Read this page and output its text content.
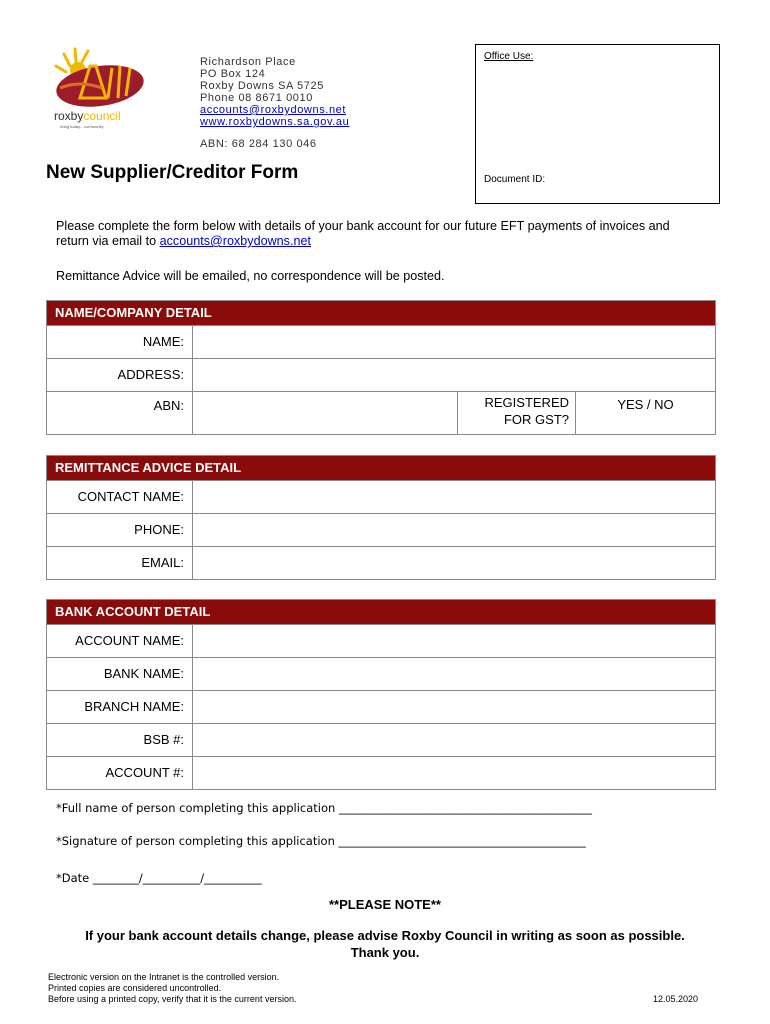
roxbycouncil
living today... community
Richardson Place
PO Box 124
Roxby Downs SA 5725
Phone 08 8671 0010
accounts@roxbydowns.net
www.roxbydowns.sa.gov.au
ABN: 68 284 130 046
Office Use:
Document ID:
New Supplier/Creditor Form
Please complete the form below with details of your bank account for our future EFT payments of invoices and return via email to accounts@roxbydowns.net
Remittance Advice will be emailed, no correspondence will be posted.
NAME/COMPANY DETAIL
NAME:
ADDRESS:
ABN:	REGISTERED
FOR GST?
YES / NO
REMITTANCE ADVICE DETAIL
CONTACT NAME:
PHONE:
EMAIL:
BANK ACCOUNT DETAIL
ACCOUNT NAME:
BANK NAME:
BRANCH NAME:
BSB #:
ACCOUNT #:
*Full name of person completing this application ____________________________________________
*Signature of person completing this application ___________________________________________
*Date ________/__________/__________
**PLEASE NOTE**
If your bank account details change, please advise Roxby Council in writing as soon as possible.
Thank you.
Electronic version on the Intranet is the controlled version.
Printed copies are considered uncontrolled.
Before using a printed copy, verify that it is the current version.	12.05.2020
